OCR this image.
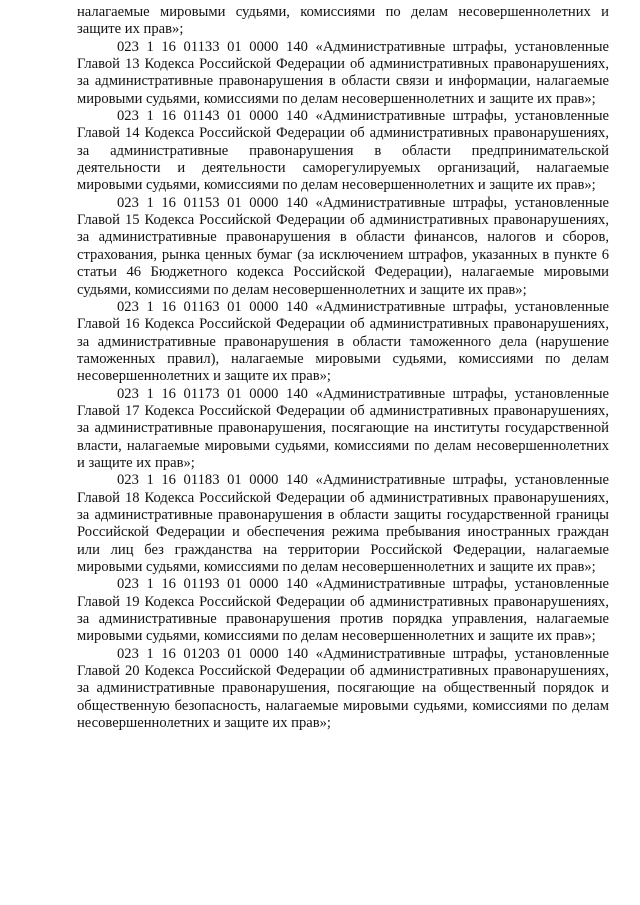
налагаемые мировыми судьями, комиссиями по делам несовершеннолетних и защите их прав»;

023 1 16 01133 01 0000 140 «Административные штрафы, установленные Главой 13 Кодекса Российской Федерации об административных правонарушениях, за административные правонарушения в области связи и информации, налагаемые мировыми судьями, комиссиями по делам несовершеннолетних и защите их прав»;

023 1 16 01143 01 0000 140 «Административные штрафы, установленные Главой 14 Кодекса Российской Федерации об административных правонарушениях, за административные правонарушения в области предпринимательской деятельности и деятельности саморегулируемых организаций, налагаемые мировыми судьями, комиссиями по делам несовершеннолетних и защите их прав»;

023 1 16 01153 01 0000 140 «Административные штрафы, установленные Главой 15 Кодекса Российской Федерации об административных правонарушениях, за административные правонарушения в области финансов, налогов и сборов, страхования, рынка ценных бумаг (за исключением штрафов, указанных в пункте 6 статьи 46 Бюджетного кодекса Российской Федерации), налагаемые мировыми судьями, комиссиями по делам несовершеннолетних и защите их прав»;

023 1 16 01163 01 0000 140 «Административные штрафы, установленные Главой 16 Кодекса Российской Федерации об административных правонарушениях, за административные правонарушения в области таможенного дела (нарушение таможенных правил), налагаемые мировыми судьями, комиссиями по делам несовершеннолетних и защите их прав»;

023 1 16 01173 01 0000 140 «Административные штрафы, установленные Главой 17 Кодекса Российской Федерации об административных правонарушениях, за административные правонарушения, посягающие на институты государственной власти, налагаемые мировыми судьями, комиссиями по делам несовершеннолетних и защите их прав»;

023 1 16 01183 01 0000 140 «Административные штрафы, установленные Главой 18 Кодекса Российской Федерации об административных правонарушениях, за административные правонарушения в области защиты государственной границы Российской Федерации и обеспечения режима пребывания иностранных граждан или лиц без гражданства на территории Российской Федерации, налагаемые мировыми судьями, комиссиями по делам несовершеннолетних и защите их прав»;

023 1 16 01193 01 0000 140 «Административные штрафы, установленные Главой 19 Кодекса Российской Федерации об административных правонарушениях, за административные правонарушения против порядка управления, налагаемые мировыми судьями, комиссиями по делам несовершеннолетних и защите их прав»;

023 1 16 01203 01 0000 140 «Административные штрафы, установленные Главой 20 Кодекса Российской Федерации об административных правонарушениях, за административные правонарушения, посягающие на общественный порядок и общественную безопасность, налагаемые мировыми судьями, комиссиями по делам несовершеннолетних и защите их прав»;
